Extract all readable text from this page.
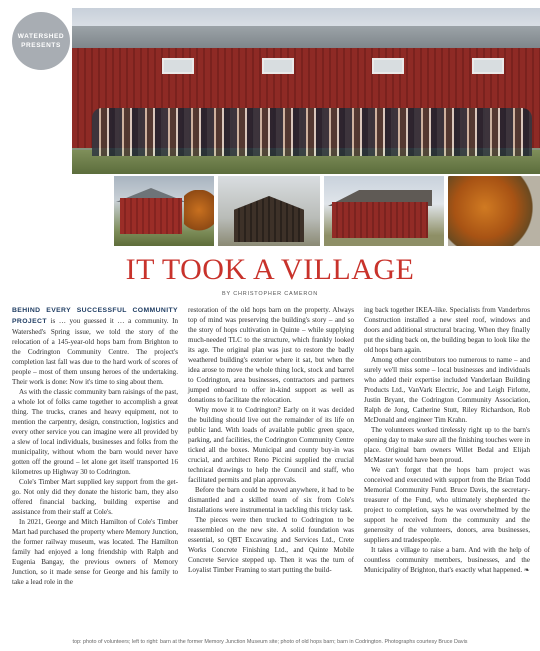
WATERSHED
PRESENTS
IT TOOK A VILLAGE
BY CHRISTOPHER CAMERON

BEHIND EVERY SUCCESSFUL COMMUNITY PROJECT is … you guessed it … a community. In Watershed's Spring issue, we told the story of the relocation of a 145-year-old hops barn from Brighton to the Codrington Community Centre. The project's completion last fall was due to the hard work of scores of people – most of them unsung heroes of the undertaking. Their work is done: Now it's time to sing about them.

As with the classic community barn raisings of the past, a whole lot of folks came together to accomplish a great thing. The trucks, cranes and heavy equipment, not to mention the carpentry, design, construction, logistics and every other service you can imagine were all provided by a slew of local individuals, businesses and folks from the municipality, without whom the barn would never have gotten off the ground – let alone get itself transported 16 kilometres up Highway 30 to Codrington.

Cole's Timber Mart supplied key support from the get-go. Not only did they donate the historic barn, they also offered financial backing, building expertise and assistance from their staff at Cole's.

In 2021, George and Mitch Hamilton of Cole's Timber Mart had purchased the property where Memory Junction, the former railway museum, was located. The Hamilton family had enjoyed a long friendship with Ralph and Eugenia Bangay, the previous owners of Memory Junction, so it made sense for George and his family to take a lead role in the

restoration of the old hops barn on the property. Always top of mind was preserving the building's story – and so the story of hops cultivation in Quinte – while supplying much-needed TLC to the structure, which frankly looked its age. The original plan was just to restore the badly weathered building's exterior where it sat, but when the idea arose to move the whole thing lock, stock and barrel to Codrington, area businesses, contractors and partners jumped onboard to offer in-kind support as well as donations to facilitate the relocation.

Why move it to Codrington? Early on it was decided the building should live out the remainder of its life on public land. With loads of available public green space, parking, and facilities, the Codrington Community Centre ticked all the boxes. Municipal and county buy-in was crucial, and architect Reno Piccini supplied the crucial technical drawings to help the Council and staff, who facilitated permits and plan approvals.

Before the barn could be moved anywhere, it had to be dismantled and a skilled team of six from Cole's Installations were instrumental in tackling this tricky task.

The pieces were then trucked to Codrington to be reassembled on the new site. A solid foundation was essential, so QBT Excavating and Services Ltd., Crete Works Concrete Finishing Ltd., and Quinte Mobile Concrete Service stepped up. Then it was the turn of Loyalist Timber Framing to start putting the build-

ing back together IKEA-like. Specialists from Vanderbros Construction installed a new steel roof, windows and doors and additional structural bracing. When they finally put the siding back on, the building began to look like the old hops barn again.

Among other contributors too numerous to name – and surely we'll miss some – local businesses and individuals who added their expertise included Vanderlaan Building Products Ltd., VanVark Electric, Joe and Leigh Firlotte, Justin Bryant, the Codrington Community Association, Ralph de Jong, Catherine Stutt, Riley Richardson, Rob McDonald and engineer Tim Krahn.

The volunteers worked tirelessly right up to the barn's opening day to make sure all the finishing touches were in place. Original barn owners Willet Bedal and Elijah McMaster would have been proud.

We can't forget that the hops barn project was conceived and executed with support from the Brian Todd Memorial Community Fund. Bruce Davis, the secretary-treasurer of the Fund, who ultimately shepherded the project to completion, says he was overwhelmed by the support he received from the community and the generosity of the volunteers, donors, area businesses, suppliers and tradespeople.

It takes a village to raise a barn. And with the help of countless community members, businesses, and the Municipality of Brighton, that's exactly what happened. ❧

top: photo of volunteers; left to right: barn at the former Memory Junction Museum site; photo of old hops barn; barn in Codrington. Photographs courtesy Bruce Davis
